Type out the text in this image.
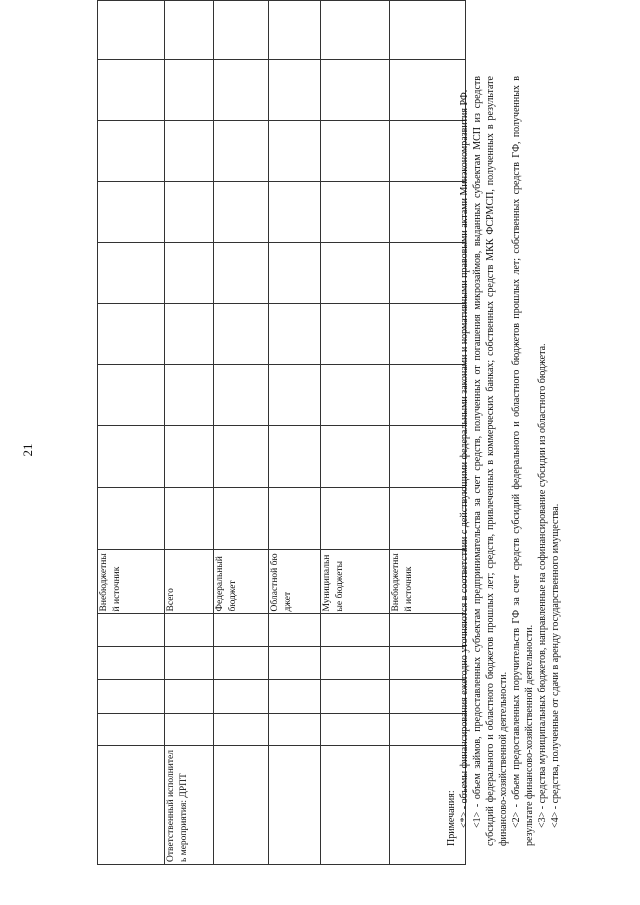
21
					Внебюджетный источник									
Ответственный исполнитель мероприятия: ДРПТ					Всего									
					Федеральный бюджет									
					Областной бюджет									
					Муниципальные бюджеты									
					Внебюджетный источник									

Примечания: <*> - объемы финансирования ежегодно уточняются в соответствии с действующими федеральными законами и нормативными правовыми актами Минэкономразвития РФ. <1> - объем займов, предоставленных субъектам предпринимательства за счет средств, полученных от погашения микрозаймов, выданных субъектам МСП из средств субсидий федерального и областного бюджетов прошлых лет; средств, привлеченных в коммерческих банках; собственных средств МКК ФСРМСП, полученных в результате финансово-хозяйственной деятельности. <2> - объем предоставленных поручительств ГФ за счет средств субсидий федерального и областного бюджетов прошлых лет; собственных средств ГФ, полученных в результате финансово-хозяйственной деятельности. <3> - средства муниципальных бюджетов, направленные на софинансирование субсидии из областного бюджета. <4> - средства, полученные от сдачи в аренду государственного имущества.
